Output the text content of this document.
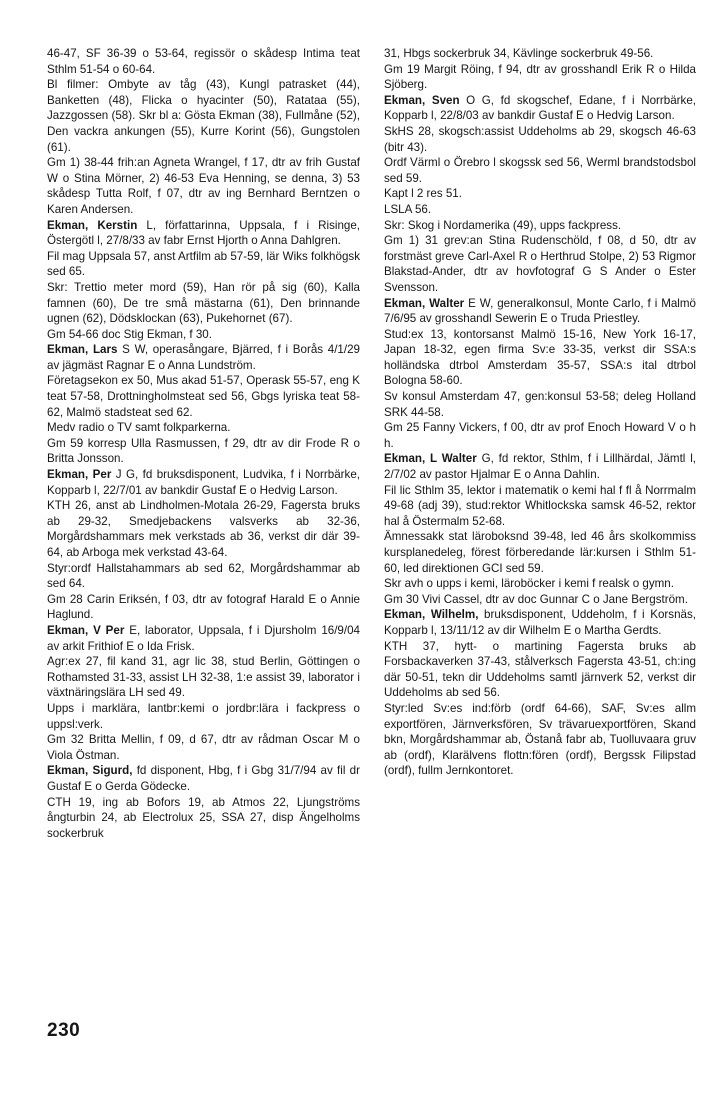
46-47, SF 36-39 o 53-64, regissör o skådesp Intima teat Sthlm 51-54 o 60-64.

Bl filmer: Ombyte av tåg (43), Kungl patrasket (44), Banketten (48), Flicka o hyacinter (50), Ratataa (55), Jazzgossen (58). Skr bl a: Gösta Ekman (38), Fullmåne (52), Den vackra ankungen (55), Kurre Korint (56), Gungstolen (61).

Gm 1) 38-44 frih:an Agneta Wrangel, f 17, dtr av frih Gustaf W o Stina Mörner, 2) 46-53 Eva Henning, se denna, 3) 53 skådesp Tutta Rolf, f 07, dtr av ing Bernhard Berntzen o Karen Andersen.

Ekman, Kerstin L, författarinna, Uppsala, f i Risinge, Östergötl l, 27/8/33 av fabr Ernst Hjorth o Anna Dahlgren.

Fil mag Uppsala 57, anst Artfilm ab 57-59, lär Wiks folkhögsk sed 65.

Skr: Trettio meter mord (59), Han rör på sig (60), Kalla famnen (60), De tre små mästarna (61), Den brinnande ugnen (62), Dödsklockan (63), Pukehornet (67).

Gm 54-66 doc Stig Ekman, f 30.

Ekman, Lars S W, operasångare, Bjärred, f i Borås 4/1/29 av jägmäst Ragnar E o Anna Lundström.

Företagsekon ex 50, Mus akad 51-57, Operask 55-57, eng K teat 57-58, Drottningholmsteat sed 56, Gbgs lyriska teat 58-62, Malmö stadsteat sed 62.

Medv radio o TV samt folkparkerna.

Gm 59 korresp Ulla Rasmussen, f 29, dtr av dir Frode R o Britta Jonsson.

Ekman, Per J G, fd bruksdisponent, Ludvika, f i Norrbärke, Kopparb l, 22/7/01 av bankdir Gustaf E o Hedvig Larson.

KTH 26, anst ab Lindholmen-Motala 26-29, Fagersta bruks ab 29-32, Smedjebackens valsverks ab 32-36, Morgårdshammars mek verkstads ab 36, verkst dir där 39-64, ab Arboga mek verkstad 43-64.

Styr:ordf Hallstahammars ab sed 62, Morgårdshammar ab sed 64.

Gm 28 Carin Eriksén, f 03, dtr av fotograf Harald E o Annie Haglund.

Ekman, V Per E, laborator, Uppsala, f i Djursholm 16/9/04 av arkit Frithiof E o Ida Frisk.

Agr:ex 27, fil kand 31, agr lic 38, stud Berlin, Göttingen o Rothamsted 31-33, assist LH 32-38, 1:e assist 39, laborator i växtnäringslära LH sed 49.

Upps i marklära, lantbr:kemi o jordbr:lära i fackpress o uppsl:verk.

Gm 32 Britta Mellin, f 09, d 67, dtr av rådman Oscar M o Viola Östman.

Ekman, Sigurd, fd disponent, Hbg, f i Gbg 31/7/94 av fil dr Gustaf E o Gerda Gödecke.

CTH 19, ing ab Bofors 19, ab Atmos 22, Ljungströms ångturbin 24, ab Electrolux 25, SSA 27, disp Ängelholms sockerbruk

31, Hbgs sockerbruk 34, Kävlinge sockerbruk 49-56.

Gm 19 Margit Röing, f 94, dtr av grosshandl Erik R o Hilda Sjöberg.

Ekman, Sven O G, fd skogschef, Edane, f i Norrbärke, Kopparb l, 22/8/03 av bankdir Gustaf E o Hedvig Larson.

SkHS 28, skogsch:assist Uddeholms ab 29, skogsch 46-63 (bitr 43).

Ordf Värml o Örebro l skogssk sed 56, Werml brandstodsbol sed 59.

Kapt l 2 res 51.

LSLA 56.

Skr: Skog i Nordamerika (49), upps fackpress.

Gm 1) 31 grev:an Stina Rudenschöld, f 08, d 50, dtr av forstmäst greve Carl-Axel R o Herthrud Stolpe, 2) 53 Rigmor Blakstad-Ander, dtr av hovfotograf G S Ander o Ester Svensson.

Ekman, Walter E W, generalkonsul, Monte Carlo, f i Malmö 7/6/95 av grosshandl Sewerin E o Truda Priestley.

Stud:ex 13, kontorsanst Malmö 15-16, New York 16-17, Japan 18-32, egen firma Sv:e 33-35, verkst dir SSA:s holländska dtrbol Amsterdam 35-57, SSA:s ital dtrbol Bologna 58-60.

Sv konsul Amsterdam 47, gen:konsul 53-58; deleg Holland SRK 44-58.

Gm 25 Fanny Vickers, f 00, dtr av prof Enoch Howard V o h h.

Ekman, L Walter G, fd rektor, Sthlm, f i Lillhärdal, Jämtl l, 2/7/02 av pastor Hjalmar E o Anna Dahlin.

Fil lic Sthlm 35, lektor i matematik o kemi hal f fl å Norrmalm 49-68 (adj 39), stud:rektor Whitlockska samsk 46-52, rektor hal å Östermalm 52-68.

Ämnessakk stat läroboksnd 39-48, led 46 års skolkommiss kursplanedeleg, förest förberedande lär:kursen i Sthlm 51-60, led direktionen GCI sed 59.

Skr avh o upps i kemi, läroböcker i kemi f realsk o gymn.

Gm 30 Vivi Cassel, dtr av doc Gunnar C o Jane Bergström.

Ekman, Wilhelm, bruksdisponent, Uddeholm, f i Korsnäs, Kopparb l, 13/11/12 av dir Wilhelm E o Martha Gerdts.

KTH 37, hytt- o martining Fagersta bruks ab Forsbackaverken 37-43, stålverksch Fagersta 43-51, ch:ing där 50-51, tekn dir Uddeholms samtl järnverk 52, verkst dir Uddeholms ab sed 56.

Styr:led Sv:es ind:förb (ordf 64-66), SAF, Sv:es allm exportfören, Järnverksfören, Sv trävaruexportfören, Skand bkn, Morgårdshammar ab, Östanå fabr ab, Tuolluvaara gruv ab (ordf), Klarälvens flottn:fören (ordf), Bergssk Filipstad (ordf), fullm Jernkontoret.

230
